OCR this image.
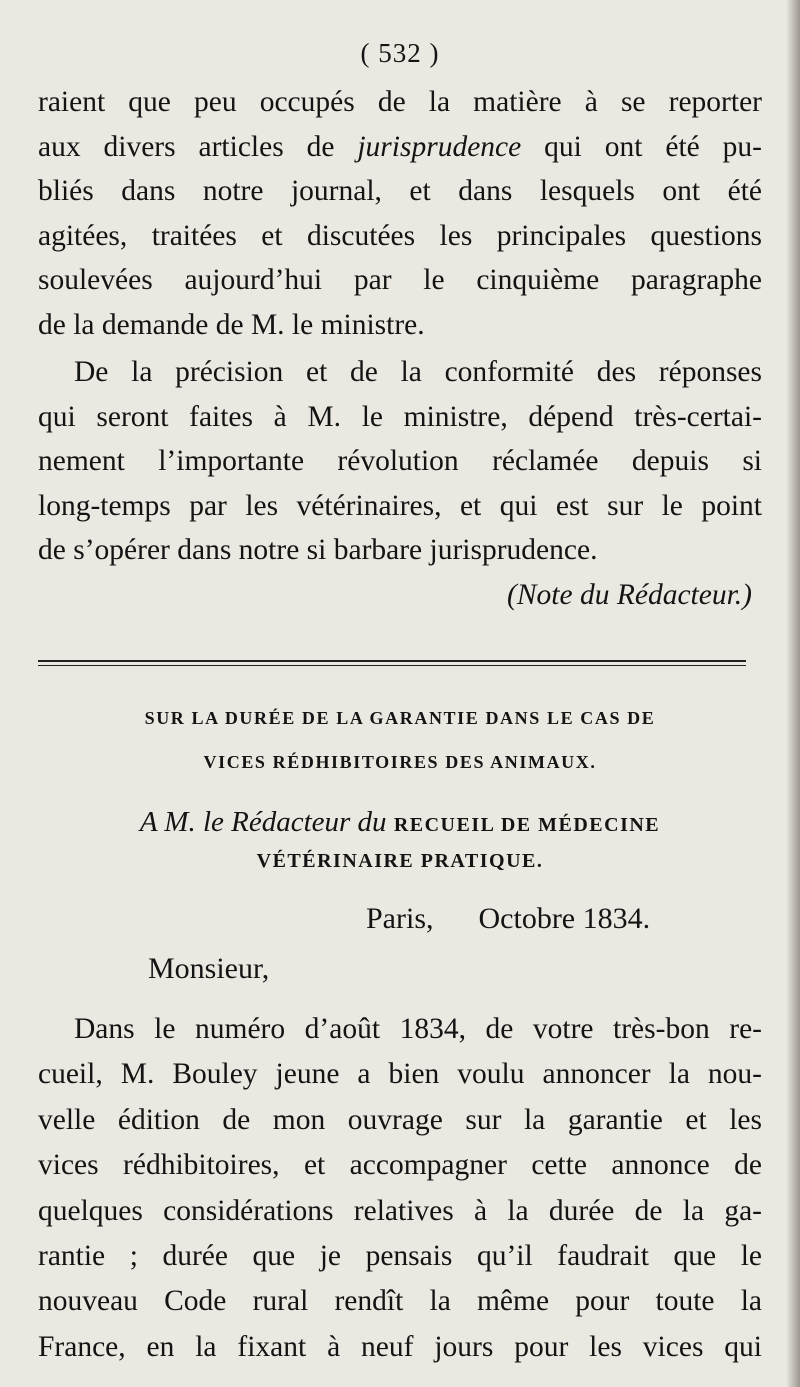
( 532 )
raient que peu occupés de la matière à se reporter
aux divers articles de jurisprudence qui ont été pu-
bliés dans notre journal, et dans lesquels ont été
agitées, traitées et discutées les principales questions
soulevées aujourd’hui par le cinquième paragraphe
de la demande de M. le ministre.
De la précision et de la conformité des réponses
qui seront faites à M. le ministre, dépend très-certai-
nement l’importante révolution réclamée depuis si
long-temps par les vétérinaires, et qui est sur le point
de s’opérer dans notre si barbare jurisprudence.
(Note du Rédacteur.)
SUR LA DURÉE DE LA GARANTIE DANS LE CAS DE
VICES RÉDHIBITOIRES DES ANIMAUX.
A M. le Rédacteur du RECUEIL DE MÉDECINE
VÉTÉRINAIRE PRATIQUE.
Paris,      Octobre 1834.
Monsieur,
Dans le numéro d’août 1834, de votre très-bon re-
cueil, M. Bouley jeune a bien voulu annoncer la nou-
velle édition de mon ouvrage sur la garantie et les
vices rédhibitoires, et accompagner cette annonce de
quelques considérations relatives à la durée de la ga-
rantie ; durée que je pensais qu’il faudrait que le
nouveau Code rural rendît la même pour toute la
France, en la fixant à neuf jours pour les vices qui
